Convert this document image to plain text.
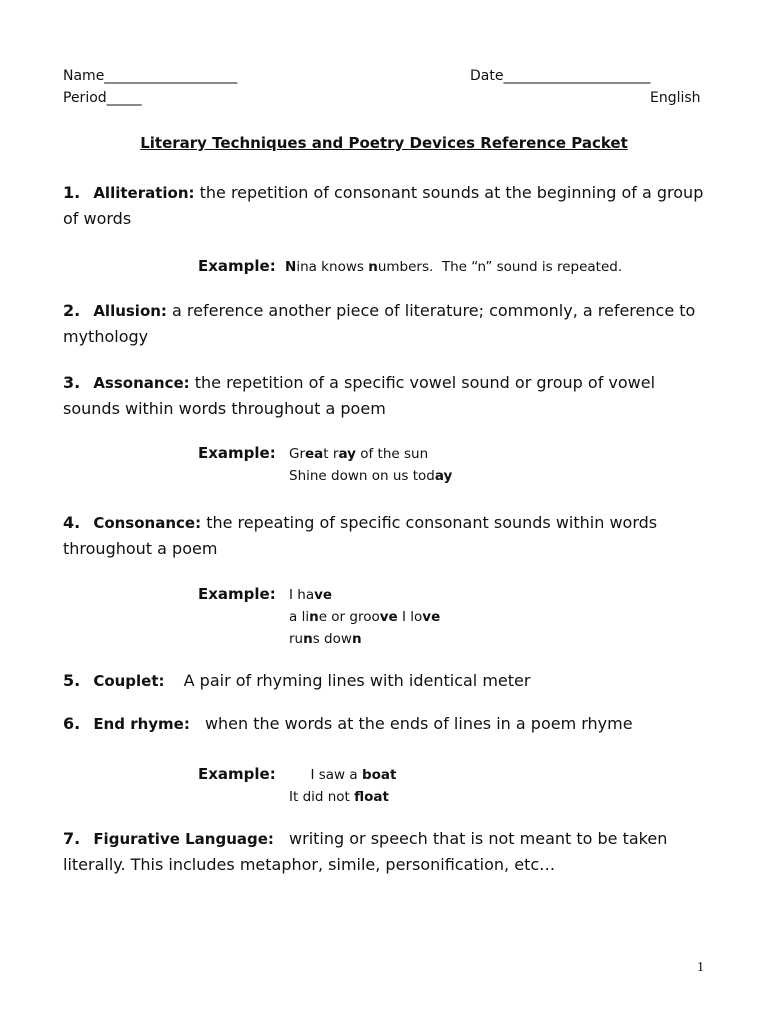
Name___________________	Date_____________________
Period_____	English
Literary Techniques and Poetry Devices Reference Packet
1. Alliteration: the repetition of consonant sounds at the beginning of a group of words
Example: Nina knows numbers.  The “n” sound is repeated.
2. Allusion: a reference another piece of literature; commonly, a reference to mythology
3. Assonance: the repetition of a specific vowel sound or group of vowel sounds within words throughout a poem
Example: Great ray of the sun
Shine down on us today
4. Consonance: the repeating of specific consonant sounds within words throughout a poem
Example: I have
a line or groove I love
runs down
5. Couplet: A pair of rhyming lines with identical meter
6. End rhyme: when the words at the ends of lines in a poem rhyme
Example: I saw a boat
It did not float
7. Figurative Language: writing or speech that is not meant to be taken literally. This includes metaphor, simile, personification, etc…
1
